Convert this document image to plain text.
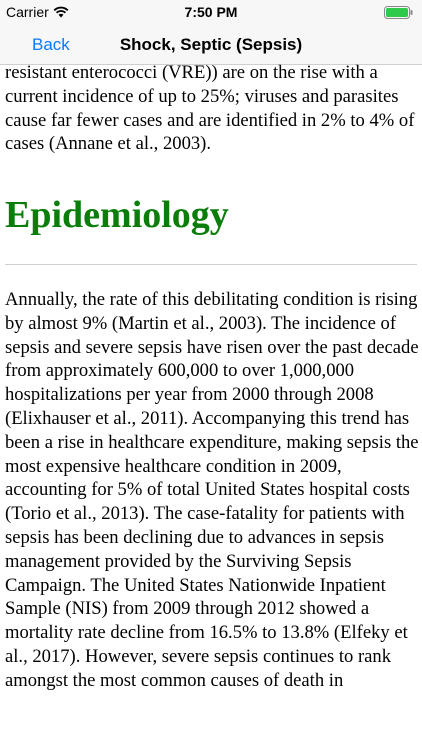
Carrier	7:50 PM
Back	Shock, Septic (Sepsis)

resistant enterococci (VRE)) are on the rise with a current incidence of up to 25%; viruses and parasites cause far fewer cases and are identified in 2% to 4% of cases (Annane et al., 2003).

Epidemiology

Annually, the rate of this debilitating condition is rising by almost 9% (Martin et al., 2003). The incidence of sepsis and severe sepsis have risen over the past decade from approximately 600,000 to over 1,000,000 hospitalizations per year from 2000 through 2008 (Elixhauser et al., 2011). Accompanying this trend has been a rise in healthcare expenditure, making sepsis the most expensive healthcare condition in 2009, accounting for 5% of total United States hospital costs (Torio et al., 2013). The case-fatality for patients with sepsis has been declining due to advances in sepsis management provided by the Surviving Sepsis Campaign. The United States Nationwide Inpatient Sample (NIS) from 2009 through 2012 showed a mortality rate decline from 16.5% to 13.8% (Elfeky et al., 2017). However, severe sepsis continues to rank amongst the most common causes of death in
